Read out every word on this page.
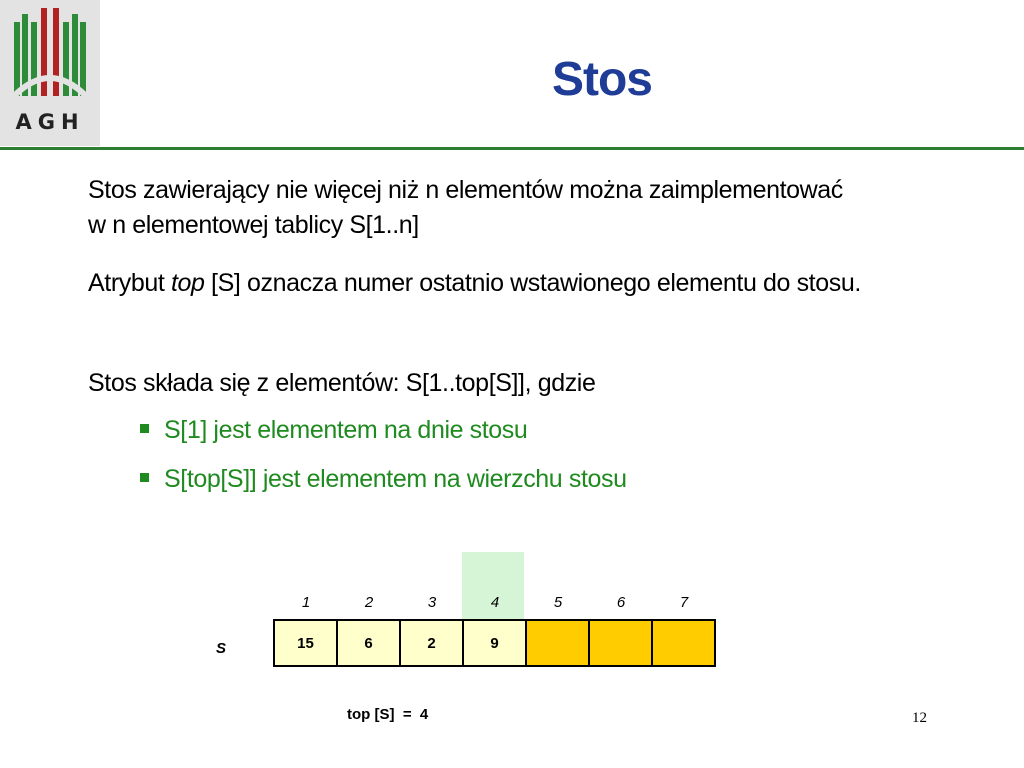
AGH
Stos
Stos zawierający nie więcej niż n elementów można zaimplementować
w n elementowej tablicy S[1..n]
Atrybut top [S] oznacza numer ostatnio wstawionego elementu do stosu.
Stos składa się z elementów: S[1..top[S]], gdzie
S[1] jest elementem na dnie stosu
S[top[S]] jest elementem na wierzchu stosu
1	2	3	4	5	6	7
S	15	6	2	9
top [S]  =  4	12
